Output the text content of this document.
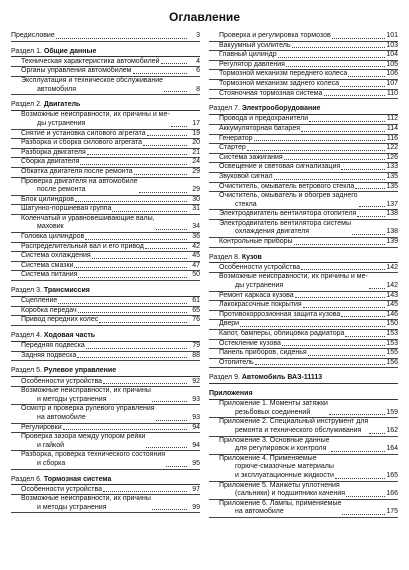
Оглавление
Предисловие	3
Раздел 1.
Общие данные
Техническая характеристика автомобилей	4
Органы управления автомобилем	6
Эксплуатация и техническое обслуживание
автомобиля	8
Раздел 2.
Двигатель
Возможные неисправности, их причины и ме-
ды устранения	17
Снятие и установка силового агрегата	19
Разборка и сборка силового агрегата	20
Разборка двигателя	21
Сборка двигателя	24
Обкатка двигателя после ремонта	29
Проверка двигателя на автомобиле
после ремонта	29
Блок цилиндров	30
Шатунно-поршневая группа	31
Коленчатый и уравновешивающие валы,
маховик	34
Головка цилиндров	36
Распределительный вал и его привод	42
Система охлаждения	45
Система смазки	47
Система питания	50
Раздел 3.
Трансмиссия
Сцепление	61
Коробка передач	65
Привод передних колес	76
Раздел 4.
Ходовая часть
Передняя подвеска	79
Задняя подвеска	88
Раздел 5.
Рулевое управление
Особенности устройства	92
Возможные неисправности, их причины
и методы устранения	93
Осмотр и проверка рулевого управления
на автомобиле	93
Регулировки	94
Проверка зазора между упором рейки
и гайкой	94
Разборка, проверка технического состояния
и сборка	95
Раздел 6.
Тормозная система
Особенности устройства	97
Возможные неисправности, их причины
и методы устранения	99
Проверка и регулировка тормозов	101
Вакуумный усилитель	103
Главный цилиндр	104
Регулятор давления	105
Тормозной механизм переднего колеса	106
Тормозной механизм заднего колеса	107
Стояночная тормозная система	110
Раздел 7.
Электрооборудование
Провода и предохранители	112
Аккумуляторная батарея	114
Генератор	116
Стартер	122
Система зажигания	126
Освещение и световая сигнализация	133
Звуковой сигнал	135
Очиститель, омыватель ветрового стекла	135
Очиститель, омыватель и обогрев заднего
стекла	137
Электродвигатель вентилятора отопителя	138
Электродвигатель вентилятора системы
охлаждения двигателя	138
Контрольные приборы	139
Раздел 8.
Кузов
Особенности устройства	142
Возможные неисправности, их причины и ме-
ды устранения	142
Ремонт каркаса кузова	143
Лакокрасочные покрытия	145
Противокоррозионная защита кузова	146
Двери	150
Капот, бамперы, облицовка радиатора	153
Остекление кузова	153
Панель приборов, сиденья	155
Отопитель	156
Раздел 9.
Автомобиль ВАЗ-11113
Приложения
Приложение 1. Моменты затяжки
резьбовых соединений	159
Приложение 2. Специальный инструмент для
ремонта и технического обслуживания	162
Приложение 3. Основные данные
для регулировок и контроля	164
Приложение 4. Применяемые
горюче-смазочные материалы
и эксплуатационные жидкости	165
Приложение 5. Манжеты уплотнения
(сальники) и подшипники качения	166
Приложение 6. Лампы, применяемые
на автомобиле	175
